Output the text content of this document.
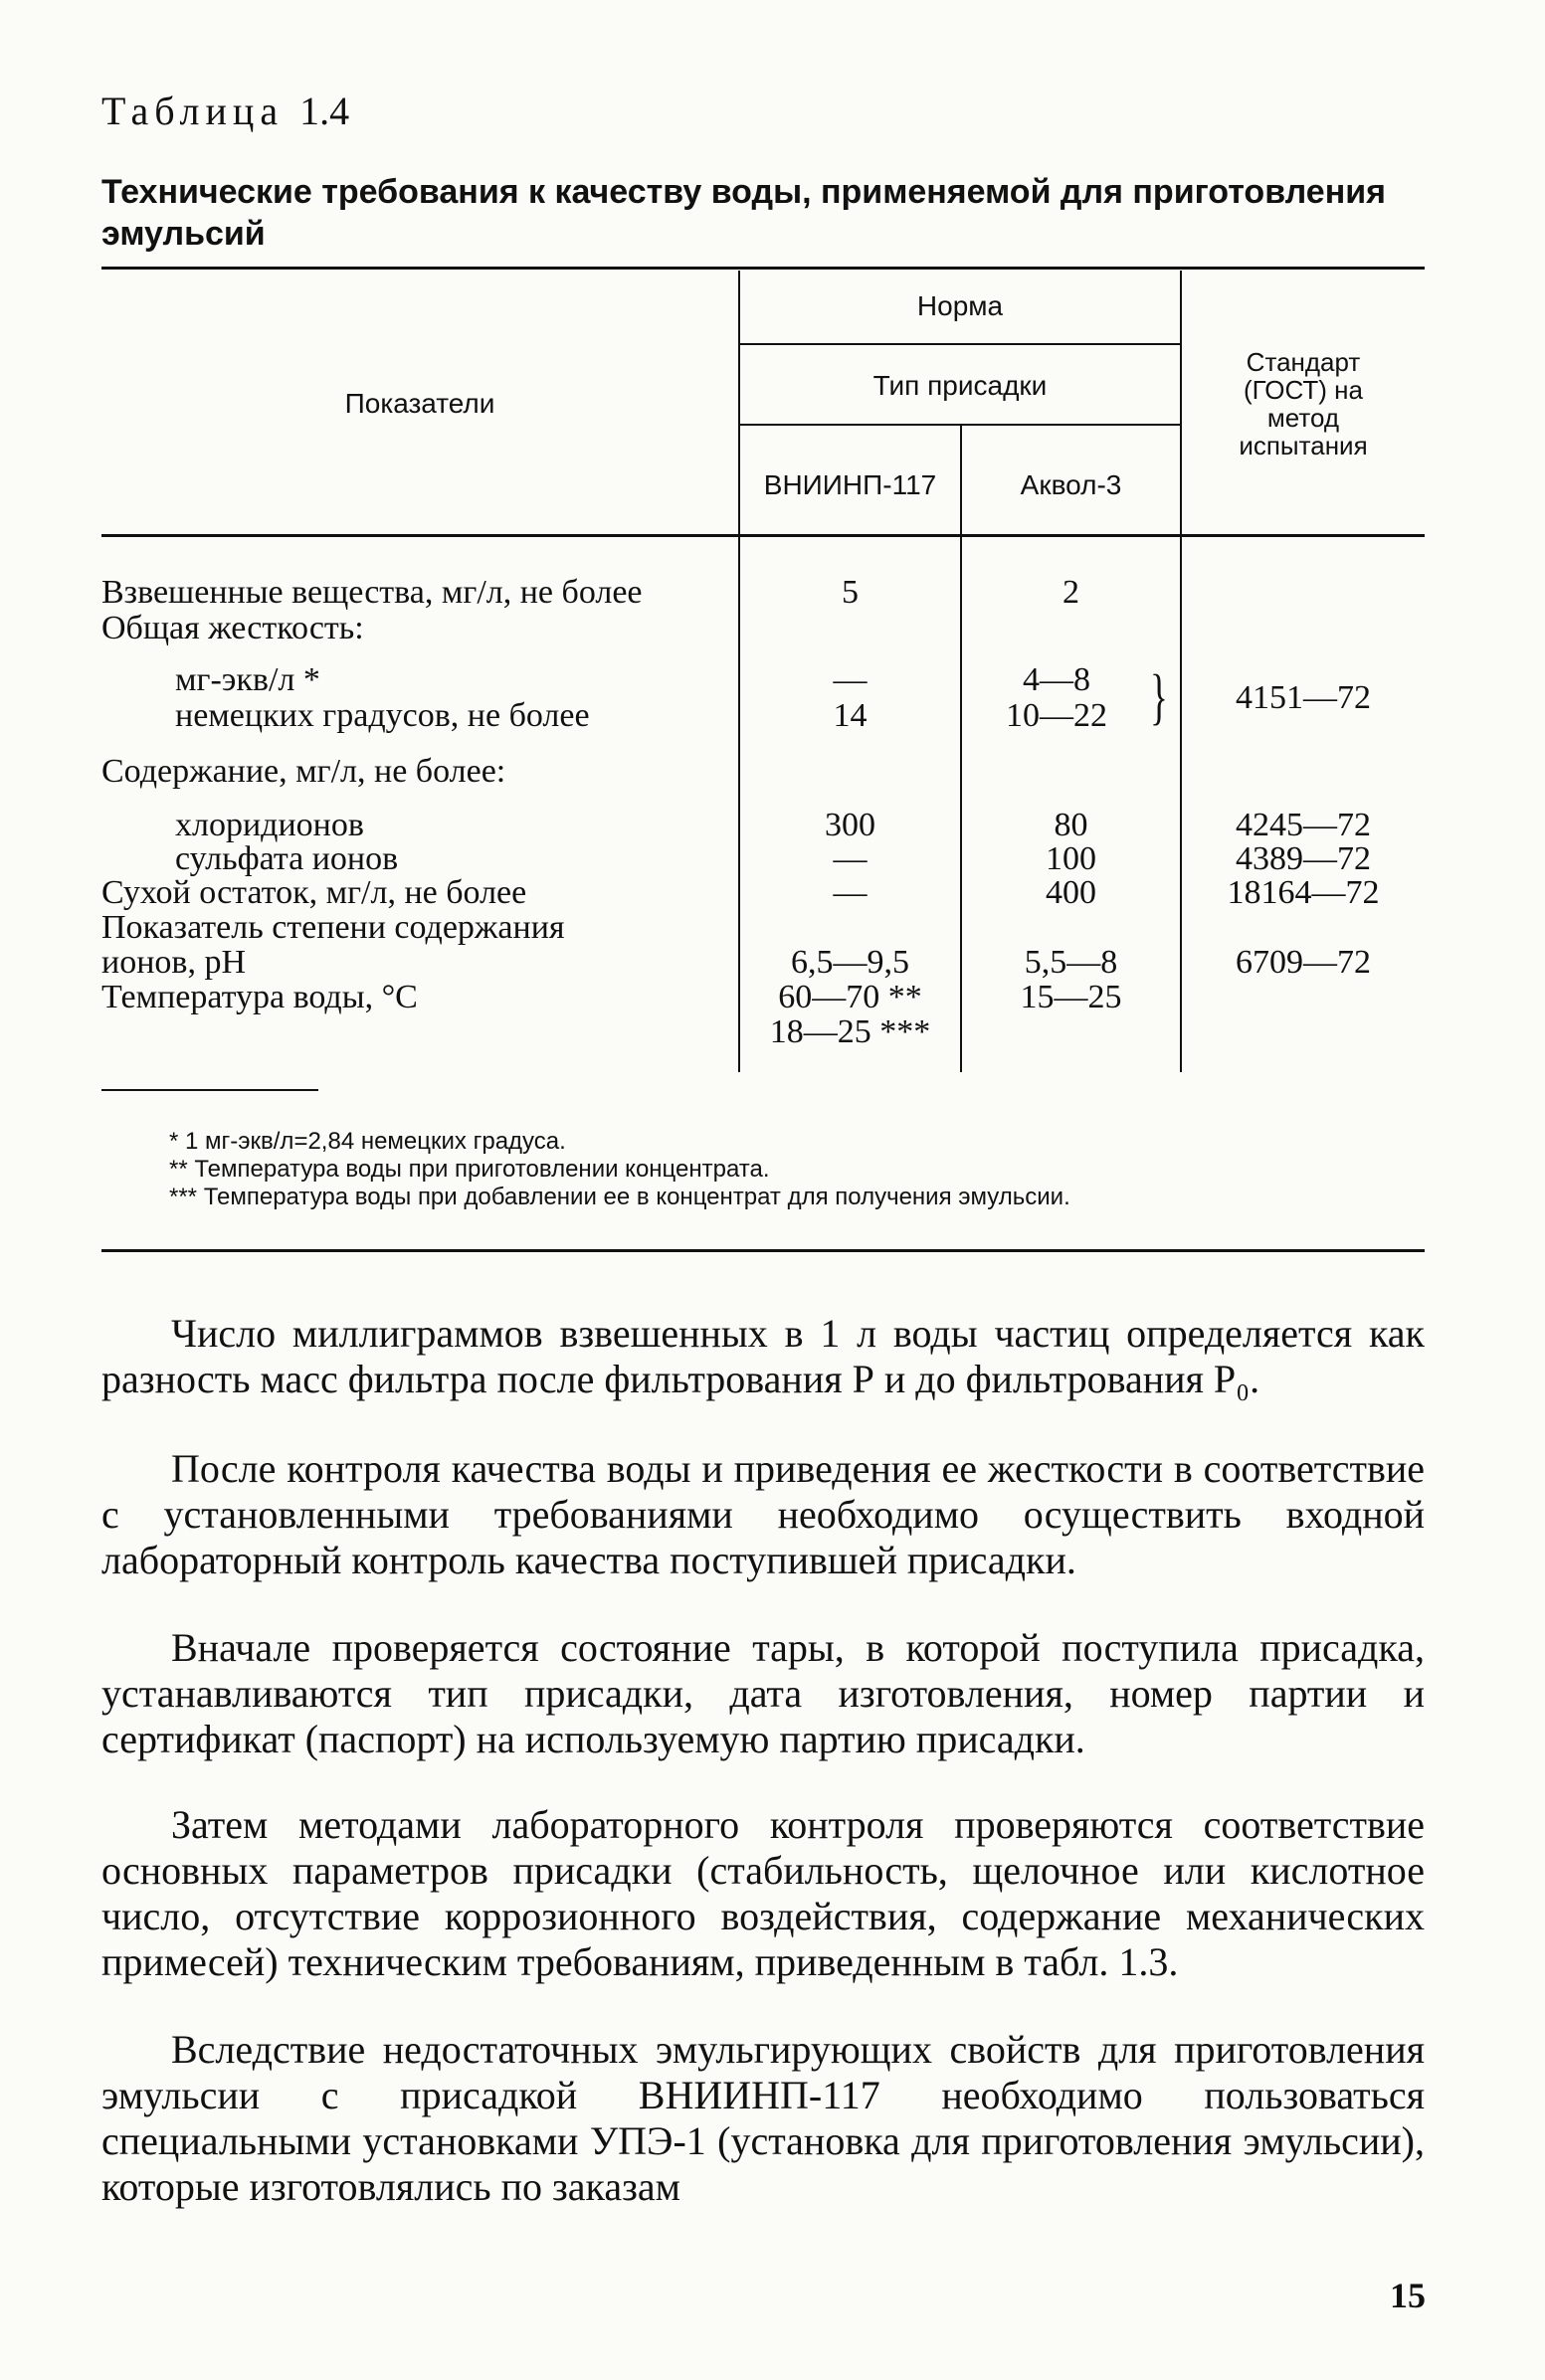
Таблица 1.4
Технические требования к качеству воды, применяемой для приготовления эмульсий
Показатели
Норма
Тип присадки
ВНИИНП-117	Аквол-3
Стандарт
(ГОСТ) на
метод
испытания
Взвешенные вещества, мг/л, не более
Общая жесткость:
мг-экв/л *
немецких градусов, не более
Содержание, мг/л, не более:
хлоридионов
сульфата ионов
Сухой остаток, мг/л, не более
Показатель степени содержания
ионов, pH
Температура воды, °С
5
—
14
300
—
—
6,5—9,5
60—70 **
18—25 ***
2
4—8
10—22 }
80
100
400
5,5—8
15—25
4151—72
4245—72
4389—72
18164—72
6709—72
* 1 мг-экв/л=2,84 немецких градуса.
** Температура воды при приготовлении концентрата.
*** Температура воды при добавлении ее в концентрат для получения эмульсии.
Число миллиграммов взвешенных в 1 л воды частиц определяется как разность масс фильтра после фильтрования Р и до фильтрования Р₀.
После контроля качества воды и приведения ее жесткости в соответствие с установленными требованиями необходимо осуществить входной лабораторный контроль качества поступившей присадки.
Вначале проверяется состояние тары, в которой поступила присадка, устанавливаются тип присадки, дата изготовления, номер партии и сертификат (паспорт) на используемую партию присадки.
Затем методами лабораторного контроля проверяются соответствие основных параметров присадки (стабильность, щелочное или кислотное число, отсутствие коррозионного воздействия, содержание механических примесей) техническим требованиям, приведенным в табл. 1.3.
Вследствие недостаточных эмульгирующих свойств для приготовления эмульсии с присадкой ВНИИНП-117 необходимо пользоваться специальными установками УПЭ-1 (установка для приготовления эмульсии), которые изготовлялись по заказам
15
